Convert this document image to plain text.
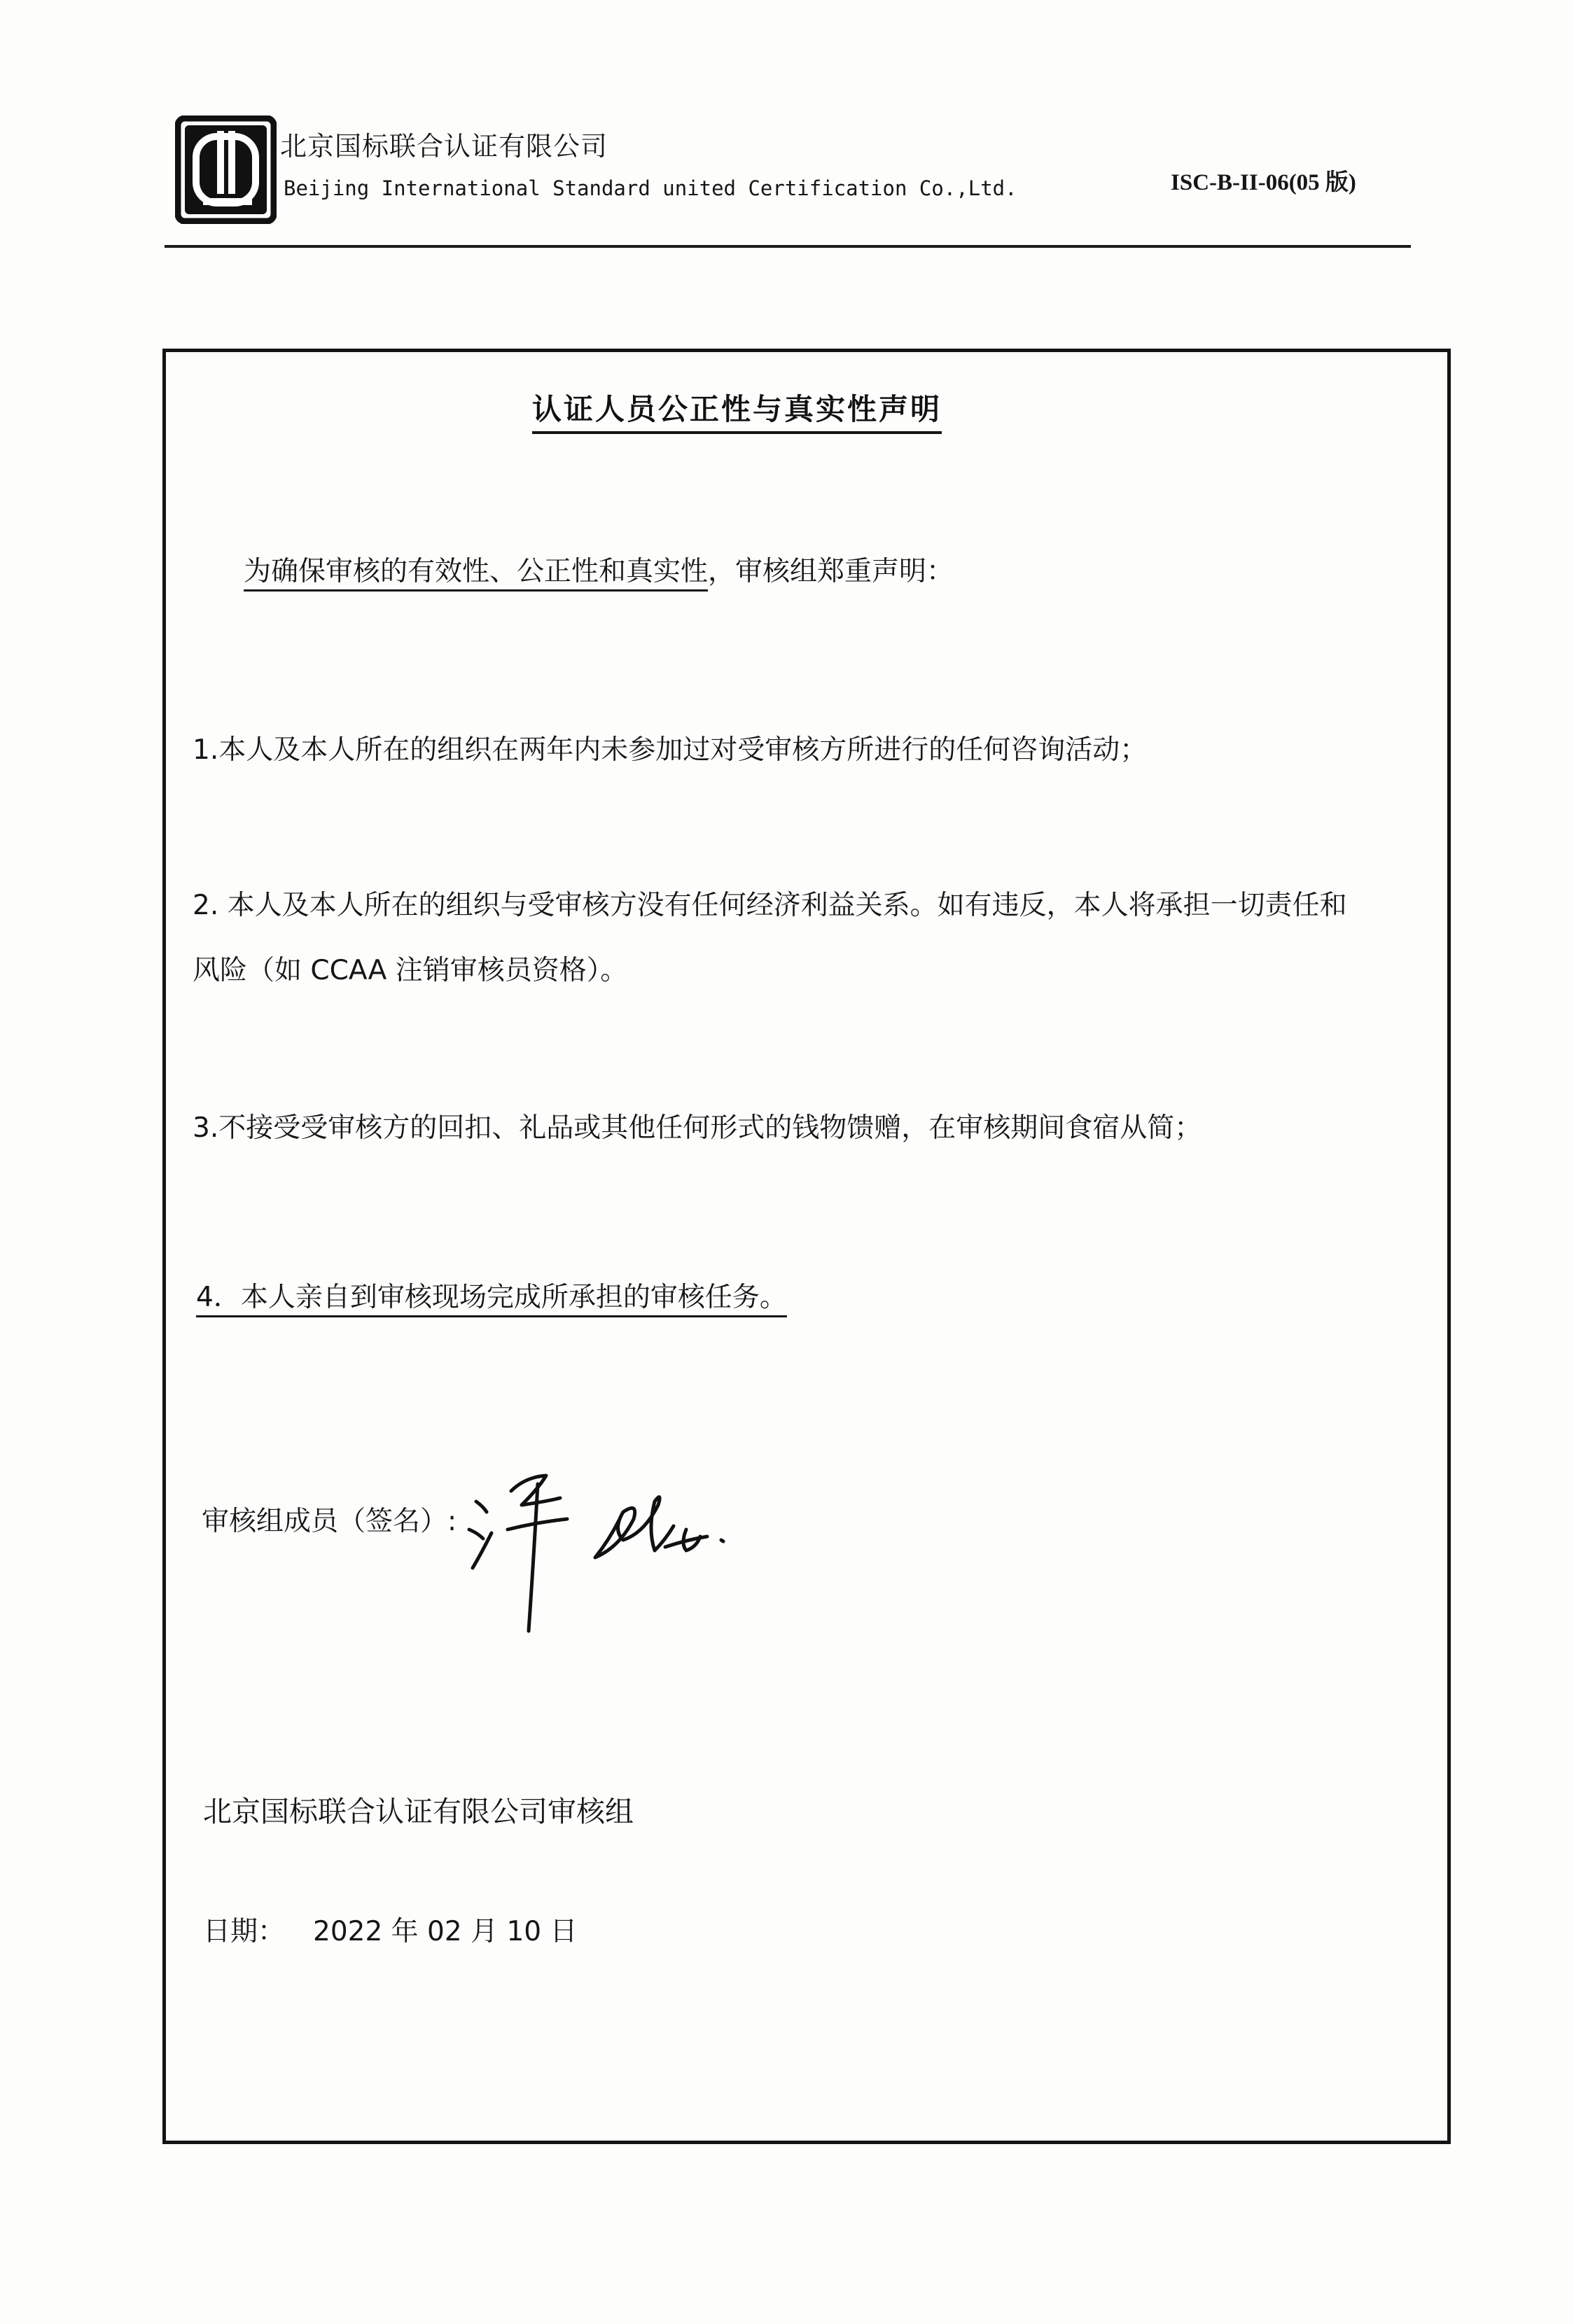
北京国标联合认证有限公司
Beijing International Standard united Certification Co.,Ltd.	ISC-B-II-06(05 版)
认证人员公正性与真实性声明
为确保审核的有效性、公正性和真实性，审核组郑重声明：
1.本人及本人所在的组织在两年内未参加过对受审核方所进行的任何咨询活动；
2. 本人及本人所在的组织与受审核方没有任何经济利益关系。如有违反，本人将承担一切责任和
风险（如 CCAA 注销审核员资格）。
3.不接受受审核方的回扣、礼品或其他任何形式的钱物馈赠，在审核期间食宿从简；
4．本人亲自到审核现场完成所承担的审核任务。
审核组成员（签名）:
北京国标联合认证有限公司审核组
日期： 2022 年 02 月 10 日
